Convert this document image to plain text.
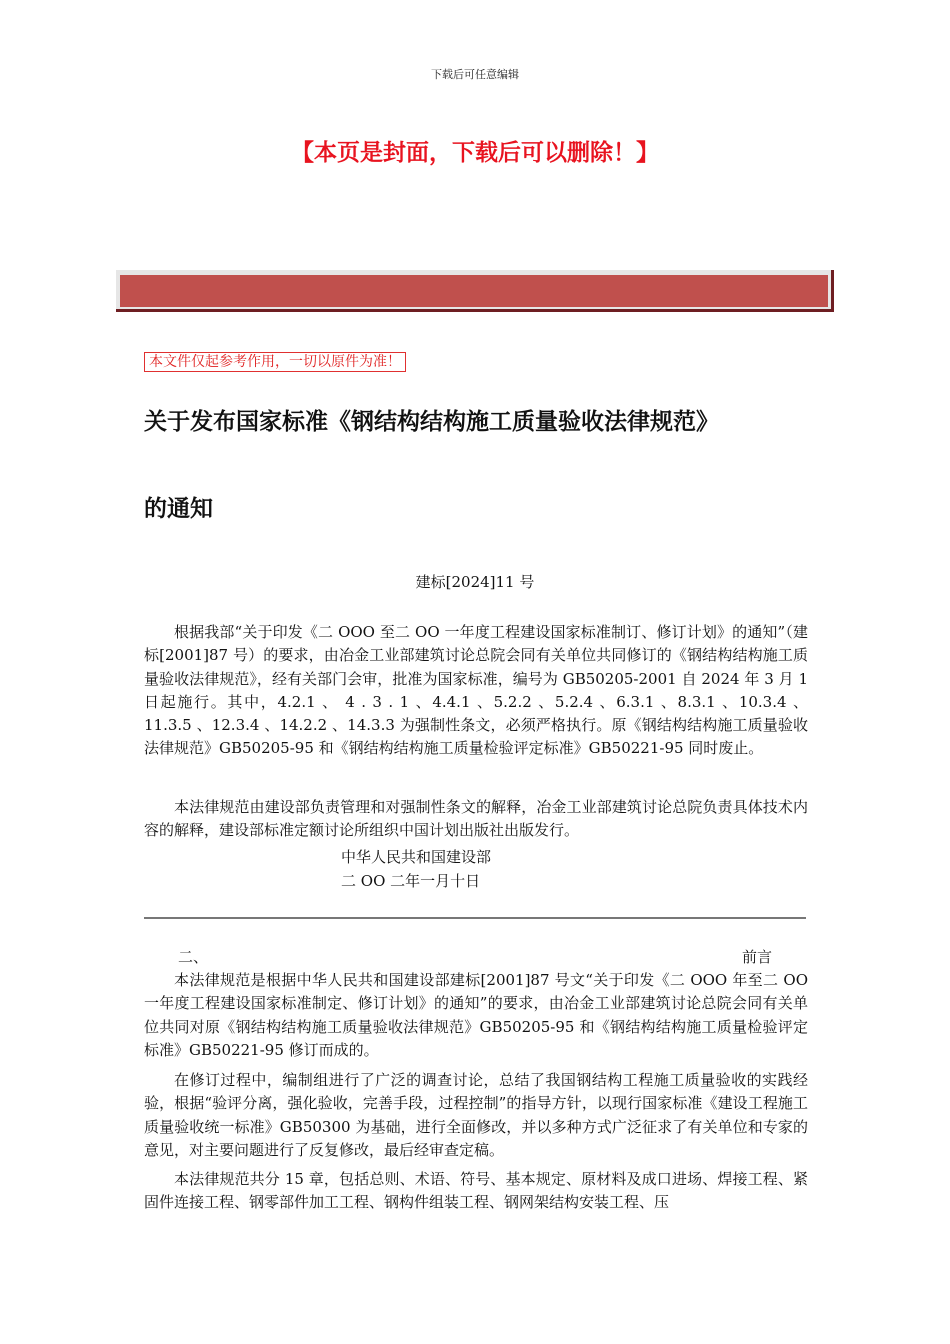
下载后可任意编辑
【本页是封面，下载后可以删除！】
本文件仅起参考作用，一切以原件为准！
关于发布国家标准《钢结构结构施工质量验收法律规范》
的通知
建标[2024]11 号

根据我部“关于印发《二 OOO 至二 OO 一年度工程建设国家标准制订、修订计划》的通知”（建标[2001]87 号）的要求，由冶金工业部建筑讨论总院会同有关单位共同修订的《钢结构结构施工质量验收法律规范》，经有关部门会审，批准为国家标准，编号为 GB50205-2001 自 2024 年 3 月 1 日起施行。其中，4.2.1 、 4 . 3 . 1 、4.4.1 、5.2.2 、5.2.4 、6.3.1 、8.3.1 、10.3.4 、11.3.5 、12.3.4 、14.2.2 、14.3.3 为强制性条文，必须严格执行。原《钢结构结构施工质量验收法律规范》GB50205-95 和《钢结构结构施工质量检验评定标准》GB50221-95 同时废止。

本法律规范由建设部负责管理和对强制性条文的解释，冶金工业部建筑讨论总院负责具体技术内容的解释，建设部标准定额讨论所组织中国计划出版社出版发行。

中华人民共和国建设部
二 OO 二年一月十日
二、	前言

本法律规范是根据中华人民共和国建设部建标[2001]87 号文“关于印发《二 OOO 年至二 OO 一年度工程建设国家标准制定、修订计划》的通知”的要求，由冶金工业部建筑讨论总院会同有关单位共同对原《钢结构结构施工质量验收法律规范》GB50205-95 和《钢结构结构施工质量检验评定标准》GB50221-95 修订而成的。

在修订过程中，编制组进行了广泛的调查讨论，总结了我国钢结构工程施工质量验收的实践经验，根据“验评分离，强化验收，完善手段，过程控制”的指导方针，以现行国家标准《建设工程施工质量验收统一标准》GB50300 为基础，进行全面修改，并以多种方式广泛征求了有关单位和专家的意见，对主要问题进行了反复修改，最后经审查定稿。

本法律规范共分 15 章，包括总则、术语、符号、基本规定、原材料及成口进场、焊接工程、紧固件连接工程、钢零部件加工工程、钢构件组装工程、钢网架结构安装工程、压
